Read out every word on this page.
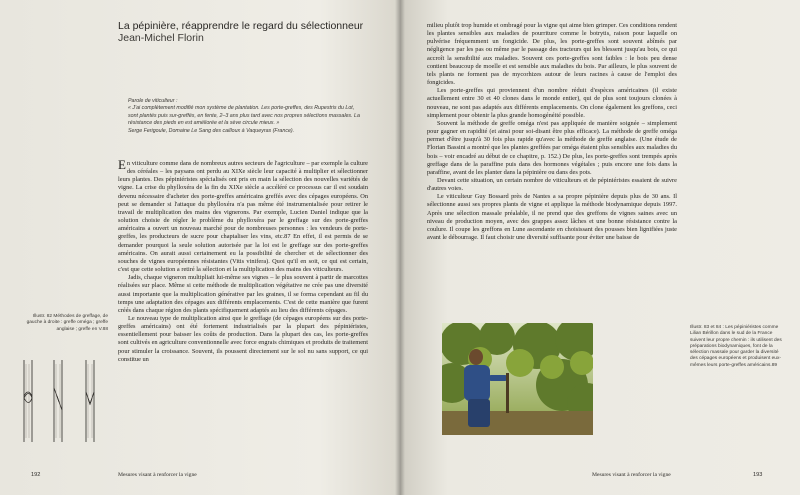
La pépinière, réapprendre le regard du sélectionneur
Jean-Michel Florin

Parole de viticulteur :

« J'ai complètement modifié mon système de plantation. Les porte-greffes, des Rupestris du Lot, sont plantés puis sur-greffés, en fente, 2–3 ans plus tard avec nos propres sélections massales. La résistance des pieds en est améliorée et la sève circule mieux. »

Serge Ferigoule, Domaine Le Sang des cailloux à Vaqueyras (France).

En viticulture comme dans de nombreux autres secteurs de l'agriculture – par exemple la culture des céréales – les paysans ont perdu au XIXe siècle leur capacité à multiplier et sélectionner leurs plantes. Des pépiniéristes spécialisés ont pris en main la sélection des nouvelles variétés de vigne. La crise du phylloxéra de la fin du XIXe siècle a accéléré ce processus car il est soudain devenu nécessaire d'acheter des porte-greffes américains greffés avec des cépages européens. On peut se demander si l'attaque du phylloxéra n'a pas même été instrumentalisée pour retirer le travail de multiplication des mains des vignerons. Par exemple, Lucien Daniel indique que la solution choisie de régler le problème du phylloxéra par le greffage sur des porte-greffes américains a ouvert un nouveau marché pour de nombreuses personnes : les vendeurs de porte-greffes, les producteurs de sucre pour chaptaliser les vins, etc.87 En effet, il est permis de se demander pourquoi la seule solution autorisée par la loi est le greffage sur des porte-greffes américains. On aurait aussi certainement eu la possibilité de chercher et de sélectionner des souches de vignes européennes résistantes (Vitis vinifera). Quoi qu'il en soit, ce qui est certain, c'est que cette solution a retiré la sélection et la multiplication des mains des viticulteurs.

Jadis, chaque vigneron multipliait lui-même ses vignes – le plus souvent à partir de marcottes réalisées sur place. Même si cette méthode de multiplication végétative ne crée pas une diversité aussi importante que la multiplication générative par les graines, il se forma cependant au fil du temps une adaptation des cépages aux différents emplacements. C'est de cette manière que furent créés dans chaque région des plants spécifiquement adaptés au lieu des différents cépages.

Le nouveau type de multiplication ainsi que le greffage (de cépages européens sur des porte-greffes américains) ont été fortement industrialisés par la plupart des pépiniéristes, essentiellement pour baisser les coûts de production. Dans la plupart des cas, les porte-greffes sont cultivés en agriculture conventionnelle avec force engrais chimiques et produits de traitement pour stimuler la croissance. Souvent, ils poussent directement sur le sol nu sans support, ce qui constitue un

Illustr. 82 Méthodes de greffage, de gauche à droite : greffe oméga ; greffe anglaise ; greffe en V.88
192	Mesures visant à renforcer la vigne

milieu plutôt trop humide et ombragé pour la vigne qui aime bien grimper. Ces conditions rendent les plantes sensibles aux maladies de pourriture comme le botrytis, raison pour laquelle on pulvérise fréquemment un fongicide. De plus, les porte-greffes sont souvent abîmés par négligence par les pas ou même par le passage des tracteurs qui les blessent jusqu'au bois, ce qui accroît la sensibilité aux maladies. Souvent ces porte-greffes sont faibles : le bois peu dense contient beaucoup de moelle et est sensible aux maladies du bois. Par ailleurs, le plus souvent de tels plants ne forment pas de mycorhizes autour de leurs racines à cause de l'emploi des fongicides.

Les porte-greffes qui proviennent d'un nombre réduit d'espèces américaines (il existe actuellement entre 30 et 40 clones dans le monde entier), qui de plus sont toujours clonées à nouveau, ne sont pas adaptés aux différents emplacements. On clone également les greffons, ceci simplement pour obtenir la plus grande homogénéité possible.

Souvent la méthode de greffe oméga n'est pas appliquée de manière soignée – simplement pour gagner en rapidité (et ainsi pour soi-disant être plus efficace). La méthode de greffe oméga permet d'être jusqu'à 30 fois plus rapide qu'avec la méthode de greffe anglaise. (Une étude de Florian Bassini a montré que les plantes greffées par oméga étaient plus sensibles aux maladies du bois – voir encadré au début de ce chapitre, p. 152.) De plus, les porte-greffes sont trempés après greffage dans de la paraffine puis dans des hormones végétales ; puis encore une fois dans la paraffine, avant de les planter dans la pépinière ou dans des pots.

Devant cette situation, un certain nombre de viticulteurs et de pépiniéristes essaient de suivre d'autres voies.

Le viticulteur Guy Bossard près de Nantes a sa propre pépinière depuis plus de 30 ans. Il sélectionne aussi ses propres plants de vigne et applique la méthode biodynamique depuis 1997. Après une sélection massale préalable, il ne prend que des greffons de vignes saines avec un niveau de production moyen, avec des grappes assez lâches et une bonne résistance contre la coulure. Il coupe les greffons en Lune ascendante en choisissant des pousses bien lignifiées juste avant le débourrage. Il faut choisir une diversité suffisante pour éviter une baisse de

Illustr. 83 et 84 : Les pépiniéristes comme Lilian Bérillon dans le sud de la France suivent leur propre chemin : ils utilisent des préparations biodynamiques, font de la sélection massale pour garder la diversité des cépages européens et produisent eux-mêmes leurs porte-greffes américains.89
Mesures visant à renforcer la vigne	193
